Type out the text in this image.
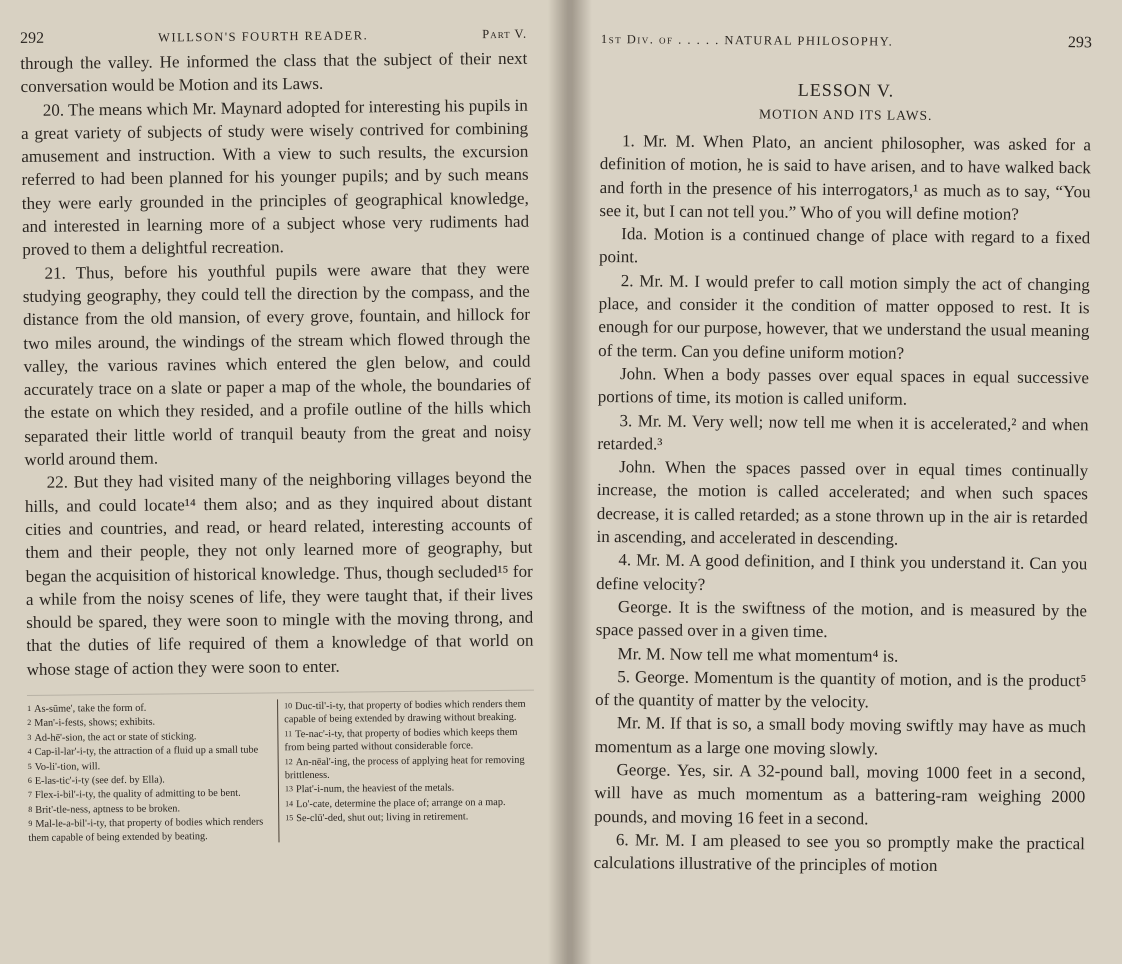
292	WILLSON'S FOURTH READER.	Part V.

through the valley. He informed the class that the subject of their next conversation would be Motion and its Laws.

20. The means which Mr. Maynard adopted for interesting his pupils in a great variety of subjects of study were wisely contrived for combining amusement and instruction. With a view to such results, the excursion referred to had been planned for his younger pupils; and by such means they were early grounded in the principles of geographical knowledge, and interested in learning more of a subject whose very rudiments had proved to them a delightful recreation.

21. Thus, before his youthful pupils were aware that they were studying geography, they could tell the direction by the compass, and the distance from the old mansion, of every grove, fountain, and hillock for two miles around, the windings of the stream which flowed through the valley, the various ravines which entered the glen below, and could accurately trace on a slate or paper a map of the whole, the boundaries of the estate on which they resided, and a profile outline of the hills which separated their little world of tranquil beauty from the great and noisy world around them.

22. But they had visited many of the neighboring villages beyond the hills, and could locate¹⁴ them also; and as they inquired about distant cities and countries, and read, or heard related, interesting accounts of them and their people, they not only learned more of geography, but began the acquisition of historical knowledge. Thus, though secluded¹⁵ for a while from the noisy scenes of life, they were taught that, if their lives should be spared, they were soon to mingle with the moving throng, and that the duties of life required of them a knowledge of that world on whose stage of action they were soon to enter.

1 As-sūme', take the form of.

2 Man'-i-fests, shows; exhibits.

3 Ad-hē'-sion, the act or state of sticking.

4 Cap-il-lar'-i-ty, the attraction of a fluid up a small tube

5 Vo-li'-tion, will.

6 E-las-tic'-i-ty (see def. by Ella).

7 Flex-i-bil'-i-ty, the quality of admitting to be bent.

8 Brit'-tle-ness, aptness to be broken.

9 Mal-le-a-bil'-i-ty, that property of bodies which renders them capable of being extended by beating.

10 Duc-til'-i-ty, that property of bodies which renders them capable of being extended by drawing without breaking.

11 Te-nac'-i-ty, that property of bodies which keeps them from being parted without considerable force.

12 An-nēal'-ing, the process of applying heat for removing brittleness.

13 Plat'-i-num, the heaviest of the metals.

14 Lo'-cate, determine the place of; arrange on a map.

15 Se-clū'-ded, shut out; living in retirement.

1st Div. of . . . . . NATURAL PHILOSOPHY.	293
LESSON V.
MOTION AND ITS LAWS.

1. Mr. M. When Plato, an ancient philosopher, was asked for a definition of motion, he is said to have arisen, and to have walked back and forth in the presence of his interrogators,¹ as much as to say, “You see it, but I can not tell you.” Who of you will define motion?

Ida. Motion is a continued change of place with regard to a fixed point.

2. Mr. M. I would prefer to call motion simply the act of changing place, and consider it the condition of matter opposed to rest. It is enough for our purpose, however, that we understand the usual meaning of the term. Can you define uniform motion?

John. When a body passes over equal spaces in equal successive portions of time, its motion is called uniform.

3. Mr. M. Very well; now tell me when it is accelerated,² and when retarded.³

John. When the spaces passed over in equal times continually increase, the motion is called accelerated; and when such spaces decrease, it is called retarded; as a stone thrown up in the air is retarded in ascending, and accelerated in descending.

4. Mr. M. A good definition, and I think you understand it. Can you define velocity?

George. It is the swiftness of the motion, and is measured by the space passed over in a given time.

Mr. M. Now tell me what momentum⁴ is.

5. George. Momentum is the quantity of motion, and is the product⁵ of the quantity of matter by the velocity.

Mr. M. If that is so, a small body moving swiftly may have as much momentum as a large one moving slowly.

George. Yes, sir. A 32-pound ball, moving 1000 feet in a second, will have as much momentum as a battering-ram weighing 2000 pounds, and moving 16 feet in a second.

6. Mr. M. I am pleased to see you so promptly make the practical calculations illustrative of the principles of motion
